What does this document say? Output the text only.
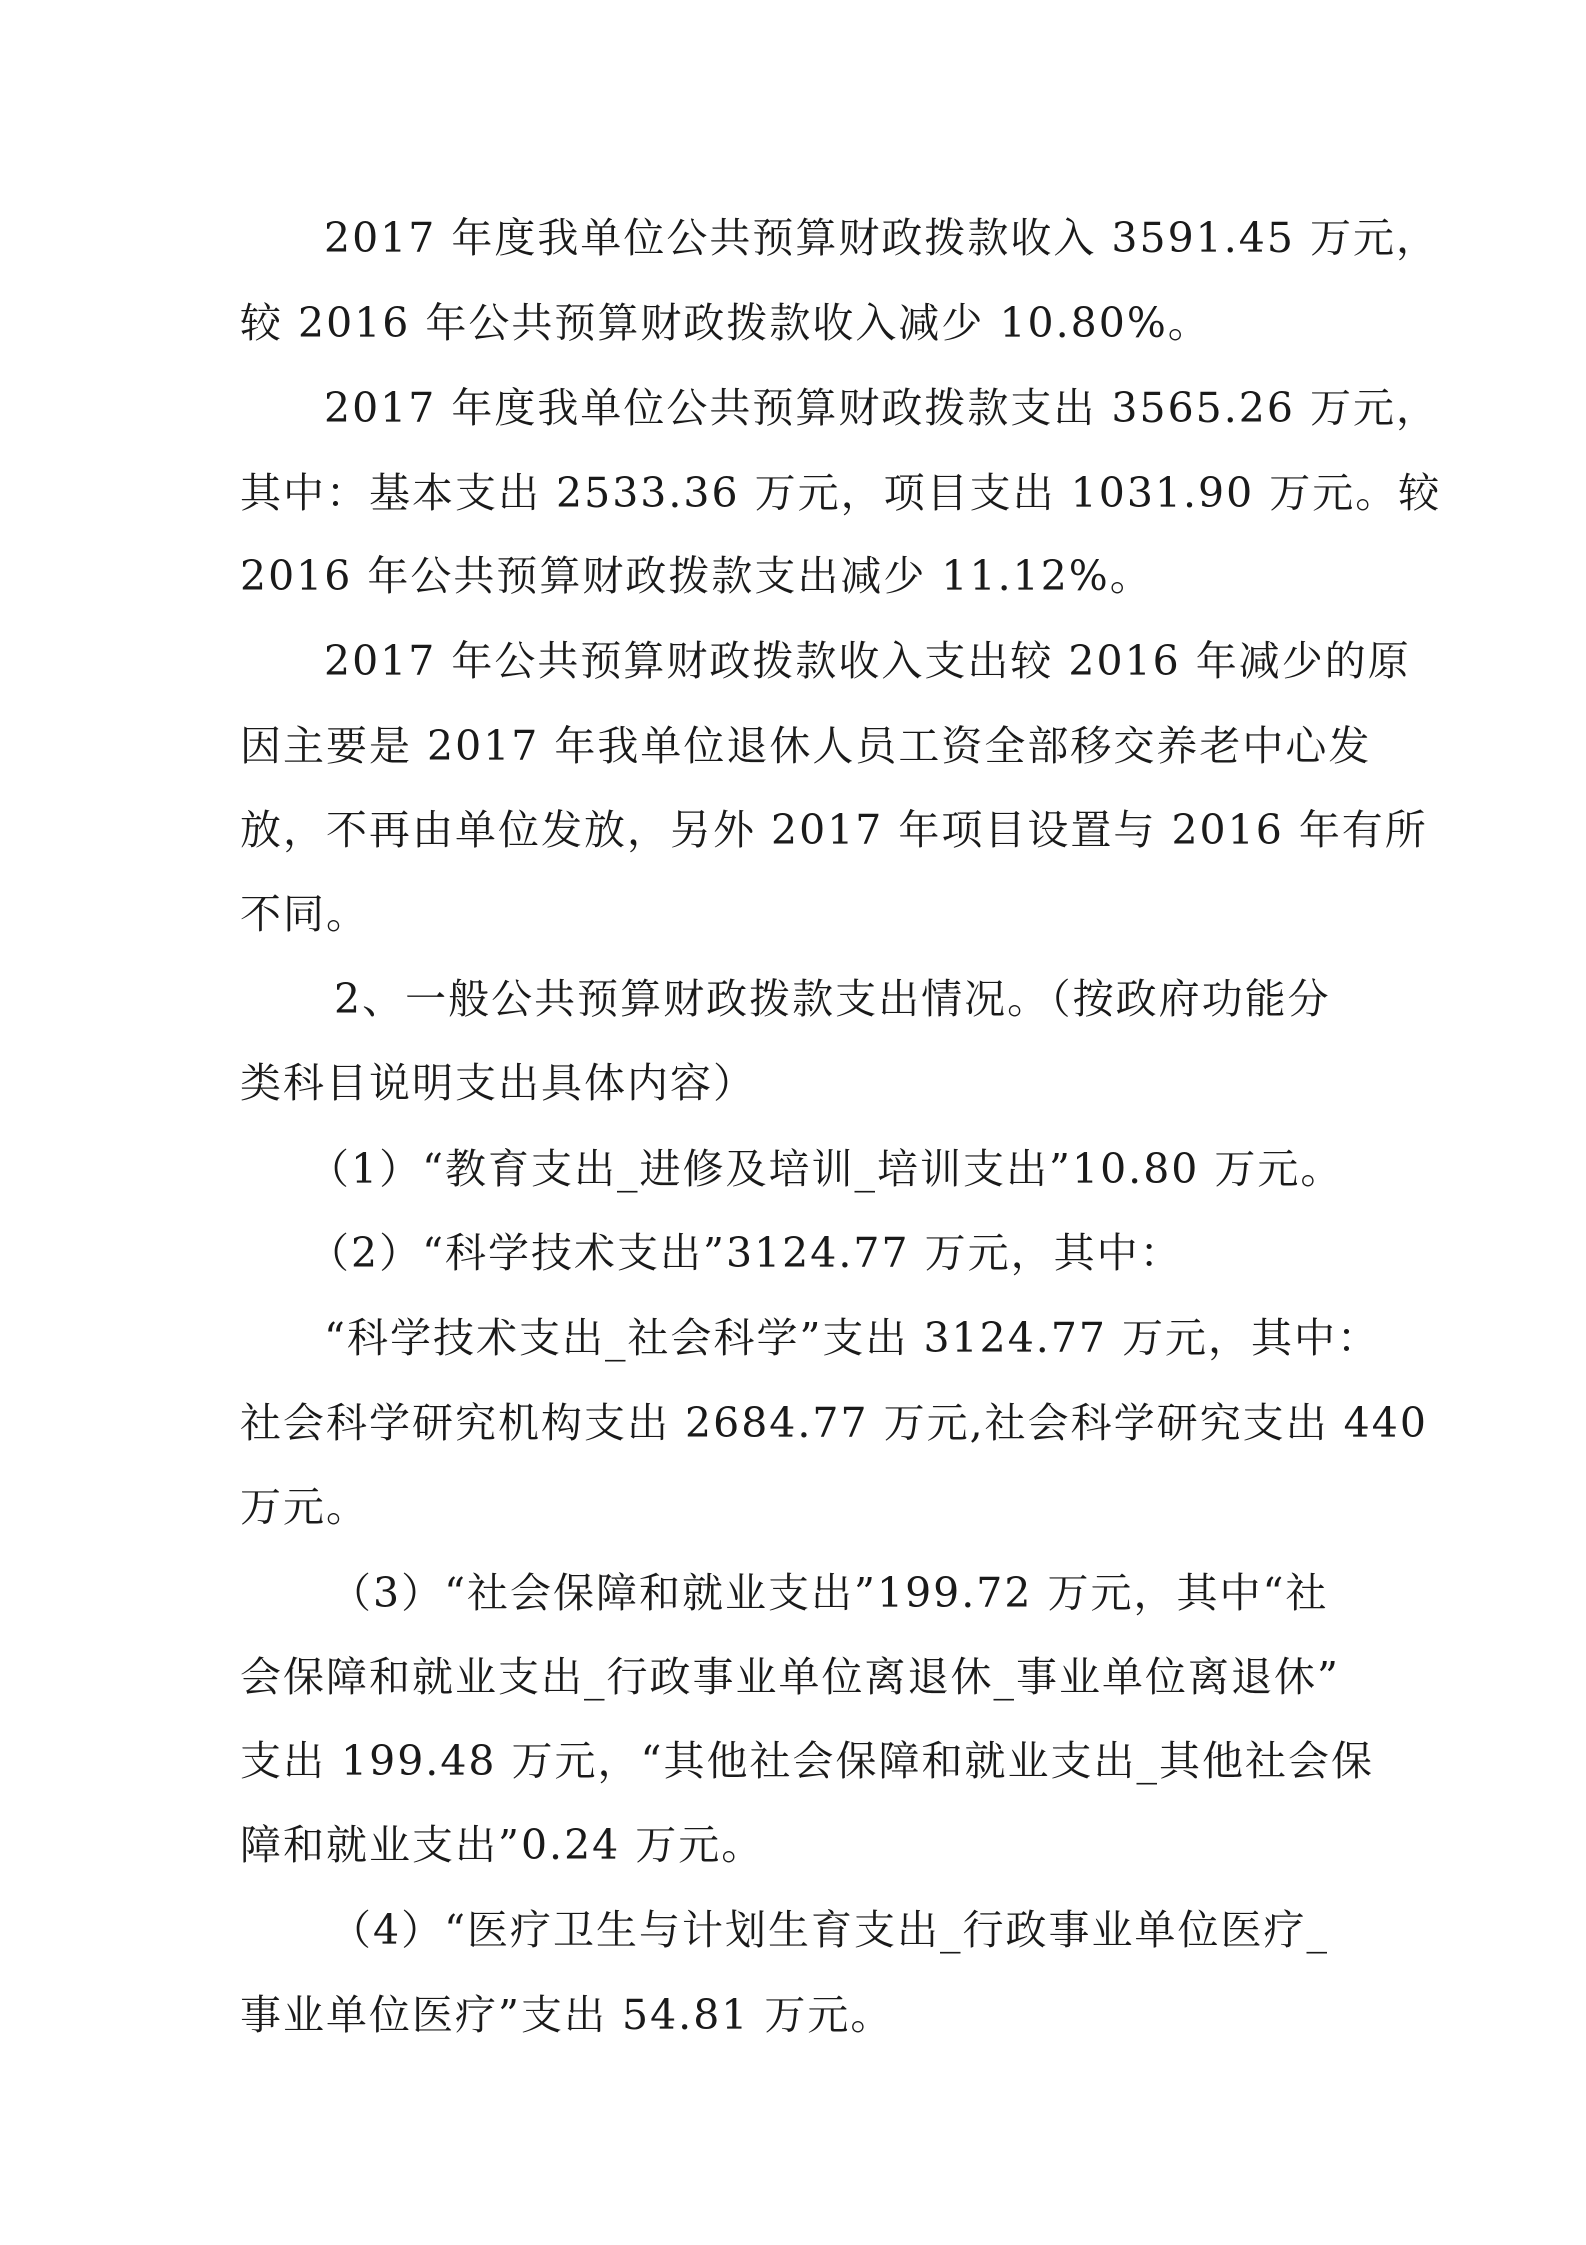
2017 年度我单位公共预算财政拨款收入 3591.45 万元，
较 2016 年公共预算财政拨款收入减少 10.80%。
2017 年度我单位公共预算财政拨款支出 3565.26 万元，
其中：基本支出 2533.36 万元，项目支出 1031.90 万元。较
2016 年公共预算财政拨款支出减少 11.12%。
2017 年公共预算财政拨款收入支出较 2016 年减少的原
因主要是 2017 年我单位退休人员工资全部移交养老中心发
放，不再由单位发放，另外 2017 年项目设置与 2016 年有所
不同。
2、一般公共预算财政拨款支出情况。（按政府功能分
类科目说明支出具体内容）
（1）“教育支出_进修及培训_培训支出”10.80 万元。
（2）“科学技术支出”3124.77 万元，其中：
“科学技术支出_社会科学”支出 3124.77 万元，其中：
社会科学研究机构支出 2684.77 万元,社会科学研究支出 440
万元。
（3）“社会保障和就业支出”199.72 万元，其中“社
会保障和就业支出_行政事业单位离退休_事业单位离退休”
支出 199.48 万元，“其他社会保障和就业支出_其他社会保
障和就业支出”0.24 万元。
（4）“医疗卫生与计划生育支出_行政事业单位医疗_
事业单位医疗”支出 54.81 万元。
